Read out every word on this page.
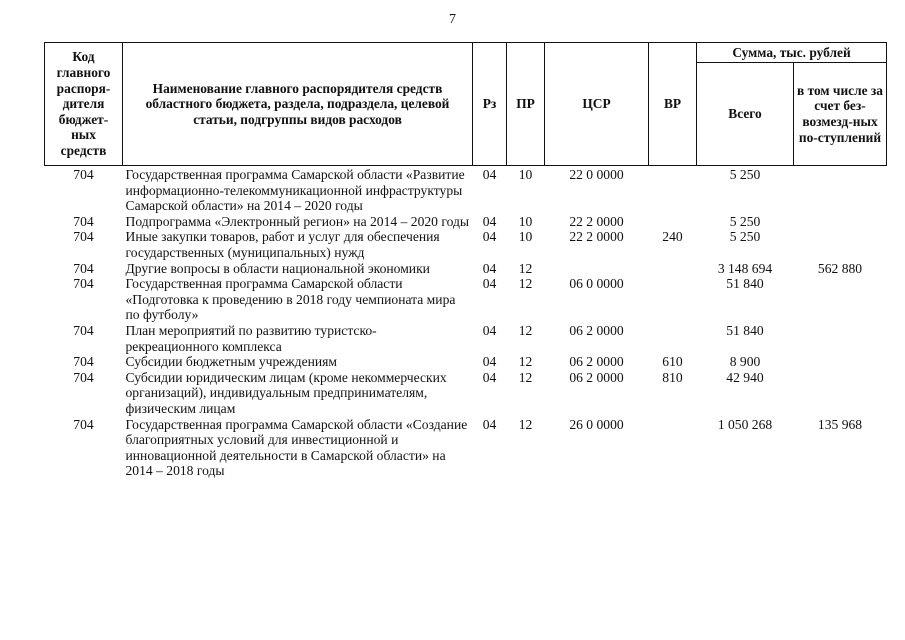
7
Код главного распоря-дителя бюджет-ных средств	Наименование главного распорядителя средств областного бюджета, раздела, подраздела, целевой статьи, подгруппы видов расходов	Рз	ПР	ЦСР	ВР	Сумма, тыс. рублей	
						Всего	в том числе за счет без-возмезд-ных по-ступлений
704	Государственная программа Самарской области «Развитие информационно-телекоммуникационной инфраструктуры Самарской области» на 2014 – 2020 годы	04	10	22 0 0000		5 250	
704	Подпрограмма «Электронный регион» на 2014 – 2020 годы	04	10	22 2 0000		5 250	
704	Иные закупки товаров, работ и услуг для обеспечения государственных (муниципальных) нужд	04	10	22 2 0000	240	5 250	
704	Другие вопросы в области национальной экономики	04	12			3 148 694	562 880
704	Государственная программа Самарской области «Подготовка к проведению в 2018 году чемпионата мира по футболу»	04	12	06 0 0000		51 840	
704	План мероприятий по развитию туристско-рекреационного комплекса	04	12	06 2 0000		51 840	
704	Субсидии бюджетным учреждениям	04	12	06 2 0000	610	8 900	
704	Субсидии юридическим лицам (кроме некоммерческих организаций), индивидуальным предпринимателям, физическим лицам	04	12	06 2 0000	810	42 940	
704	Государственная программа Самарской области «Создание благоприятных условий для инвестиционной и инновационной деятельности в Самарской области» на 2014 – 2018 годы	04	12	26 0 0000		1 050 268	135 968
